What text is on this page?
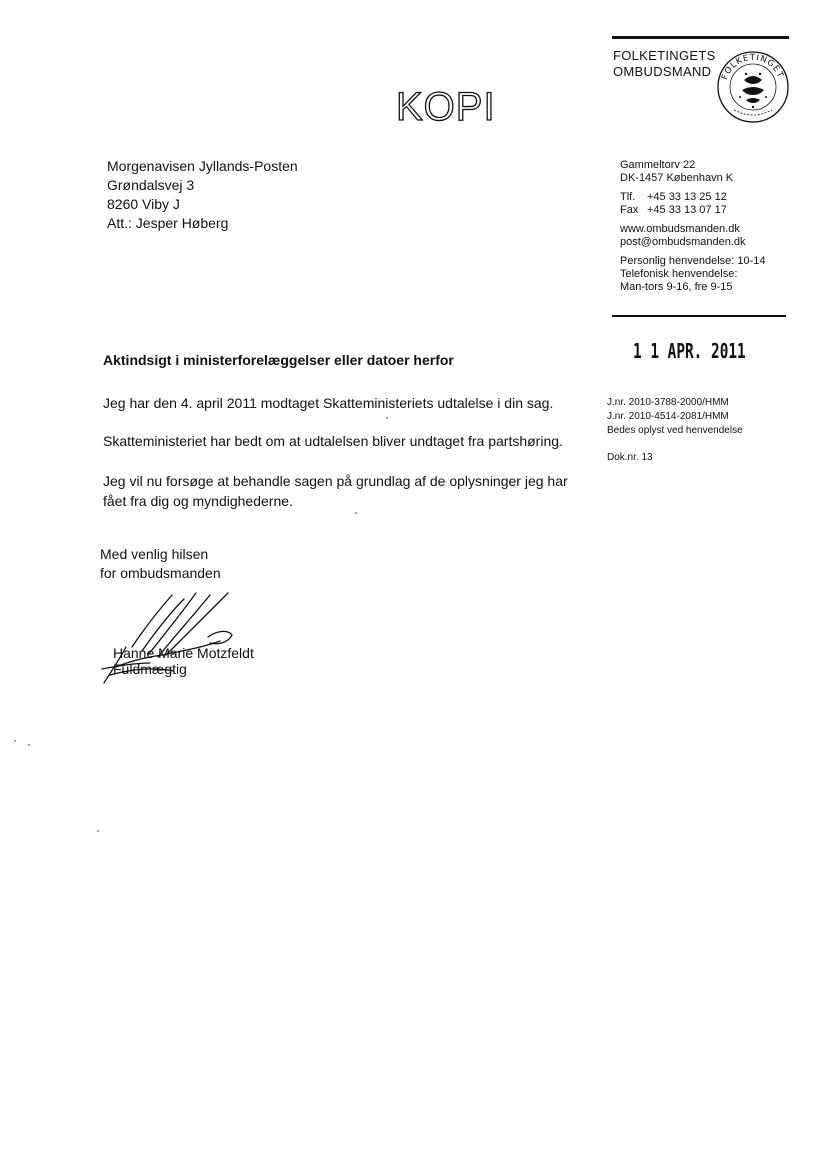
FOLKETINGETS
OMBUDSMAND	FOLKETINGET
KOPI
Morgenavisen Jyllands-Posten
Grøndalsvej 3
8260 Viby J
Att.: Jesper Høberg
Gammeltorv 22
DK-1457 København K
Tlf. +45 33 13 25 12
Fax +45 33 13 07 17
www.ombudsmanden.dk
post@ombudsmanden.dk
Personlig henvendelse: 10-14
Telefonisk henvendelse:
Man-tors 9-16, fre 9-15
1 1 APR. 2011
Aktindsigt i ministerforelæggelser eller datoer herfor
Jeg har den 4. april 2011 modtaget Skatteministeriets udtalelse i din sag.
Skatteministeriet har bedt om at udtalelsen bliver undtaget fra partshøring.
Jeg vil nu forsøge at behandle sagen på grundlag af de oplysninger jeg har
fået fra dig og myndighederne.
J.nr. 2010-3788-2000/HMM
J.nr. 2010-4514-2081/HMM
Bedes oplyst ved henvendelse
Dok.nr. 13
Med venlig hilsen
for ombudsmanden
Hanne Marie Motzfeldt
Fuldmægtig
